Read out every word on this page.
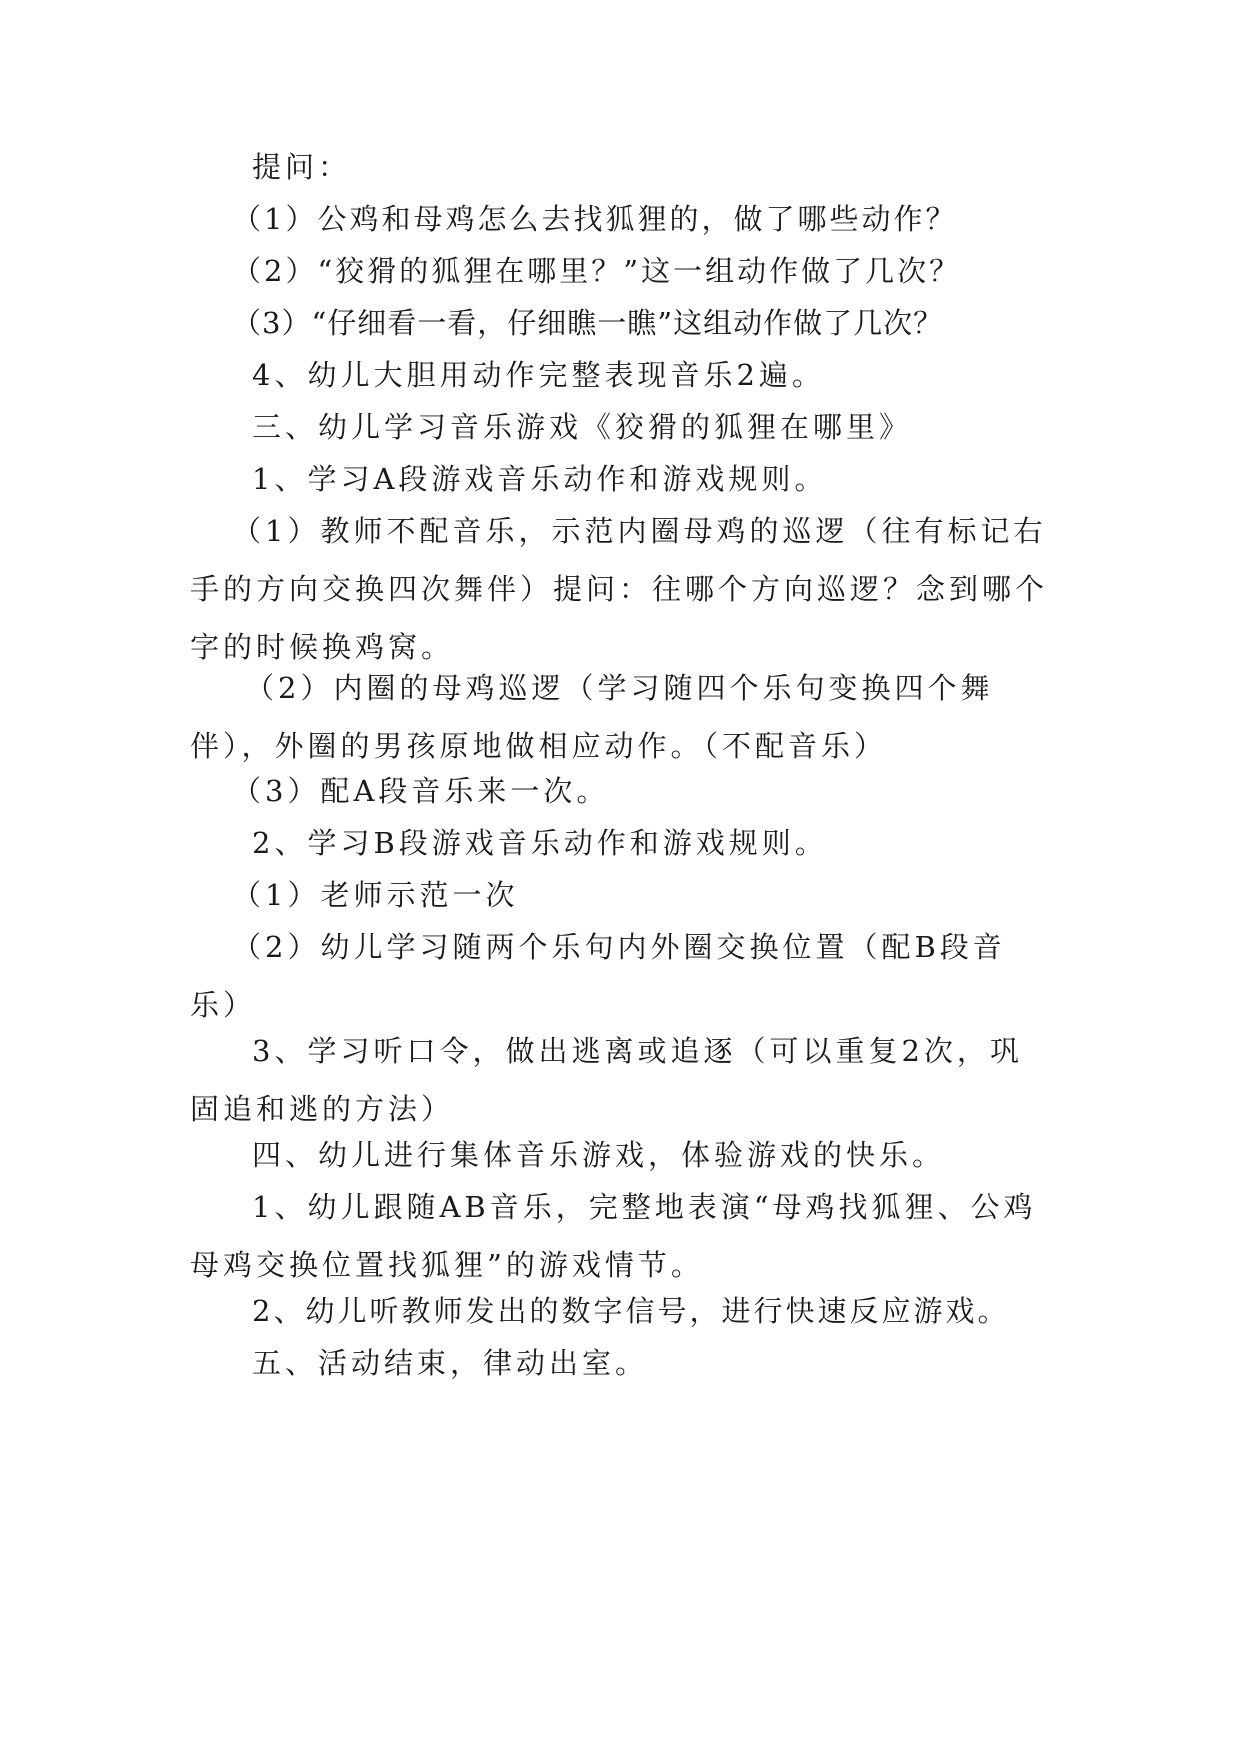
提问：

（1）公鸡和母鸡怎么去找狐狸的，做了哪些动作？

（2）“狡猾的狐狸在哪里？”这一组动作做了几次？

（3）“仔细看一看，仔细瞧一瞧”这组动作做了几次？

4、幼儿大胆用动作完整表现音乐2遍。

三、幼儿学习音乐游戏《狡猾的狐狸在哪里》

1、学习A段游戏音乐动作和游戏规则。

（1）教师不配音乐，示范内圈母鸡的巡逻（往有标记右手的方向交换四次舞伴）提问：往哪个方向巡逻？念到哪个字的时候换鸡窝。

（2）内圈的母鸡巡逻（学习随四个乐句变换四个舞伴），外圈的男孩原地做相应动作。（不配音乐）

（3）配A段音乐来一次。

2、学习B段游戏音乐动作和游戏规则。

（1）老师示范一次

（2）幼儿学习随两个乐句内外圈交换位置（配B段音乐）

3、学习听口令，做出逃离或追逐（可以重复2次，巩固追和逃的方法）

四、幼儿进行集体音乐游戏，体验游戏的快乐。

1、幼儿跟随AB音乐，完整地表演“母鸡找狐狸、公鸡母鸡交换位置找狐狸”的游戏情节。

2、幼儿听教师发出的数字信号，进行快速反应游戏。

五、活动结束，律动出室。
